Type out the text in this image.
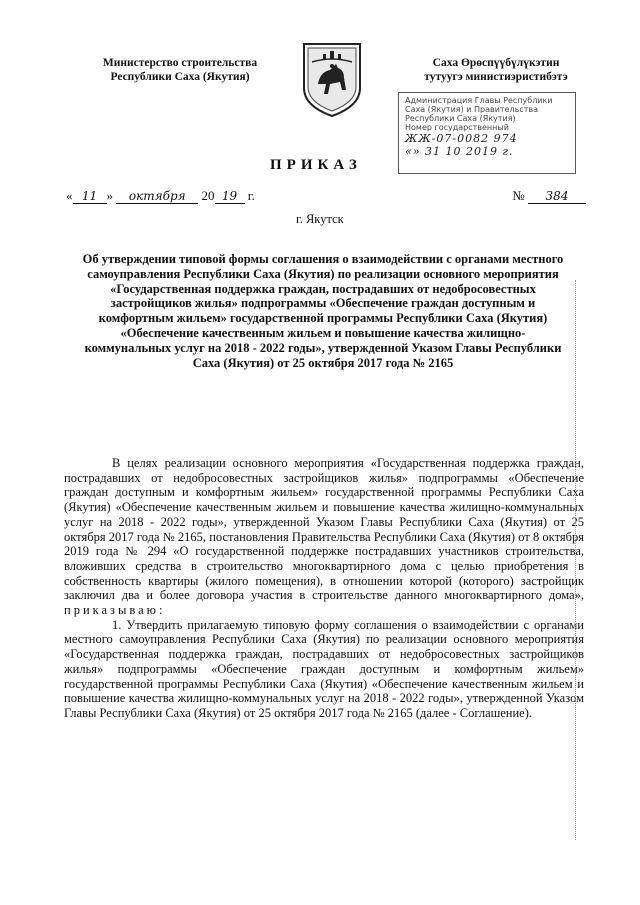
Министерство строительства
Республики Саха (Якутия)
Саха Өрөспүүбүлүкэтин
тутуугэ министиэристибэтэ
Администрация Главы Республики
Саха (Якутия) и Правительства
Республики Саха (Якутия)
Номер государственный
ЖЖ-07-0082 974
«» 31 10 2019 г.
ПРИКАЗ
« 11 » октября 20 19 г.	№ 384
г. Якутск
Об утверждении типовой формы соглашения о взаимодействии с органами местного самоуправления Республики Саха (Якутия) по реализации основного мероприятия «Государственная поддержка граждан, пострадавших от недобросовестных застройщиков жилья» подпрограммы «Обеспечение граждан доступным и комфортным жильем» государственной программы Республики Саха (Якутия) «Обеспечение качественным жильем и повышение качества жилищно-коммунальных услуг на 2018 - 2022 годы», утвержденной Указом Главы Республики Саха (Якутия) от 25 октября 2017 года № 2165

В целях реализации основного мероприятия «Государственная поддержка граждан, пострадавших от недобросовестных застройщиков жилья» подпрограммы «Обеспечение граждан доступным и комфортным жильем» государственной программы Республики Саха (Якутия) «Обеспечение качественным жильем и повышение качества жилищно-коммунальных услуг на 2018 - 2022 годы», утвержденной Указом Главы Республики Саха (Якутия) от 25 октября 2017 года № 2165, постановления Правительства Республики Саха (Якутия) от 8 октября 2019 года № 294 «О государственной поддержке пострадавших участников строительства, вложивших средства в строительство многоквартирного дома с целью приобретения в собственность квартиры (жилого помещения), в отношении которой (которого) застройщик заключил два и более договора участия в строительстве данного многоквартирного дома», приказываю:

1. Утвердить прилагаемую типовую форму соглашения о взаимодействии с органами местного самоуправления Республики Саха (Якутия) по реализации основного мероприятия «Государственная поддержка граждан, пострадавших от недобросовестных застройщиков жилья» подпрограммы «Обеспечение граждан доступным и комфортным жильем» государственной программы Республики Саха (Якутия) «Обеспечение качественным жильем и повышение качества жилищно-коммунальных услуг на 2018 - 2022 годы», утвержденной Указом Главы Республики Саха (Якутия) от 25 октября 2017 года № 2165 (далее - Соглашение).
